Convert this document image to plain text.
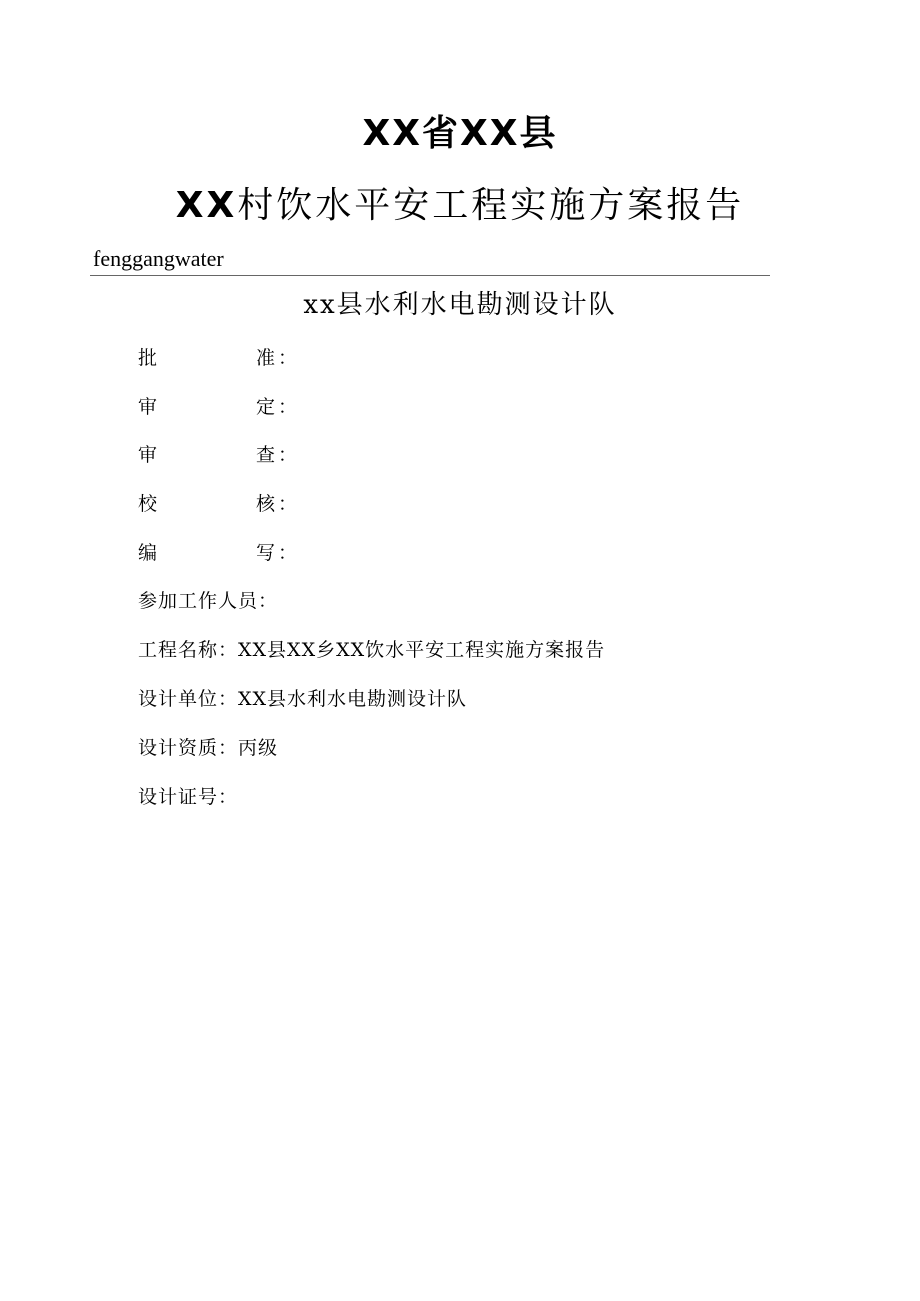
XX省XX县
XX村饮水平安工程实施方案报告
fenggangwater
xx县水利水电勘测设计队
批	准 ：
审	定 ：
审	查 ：
校	核 ：
编	写 ：
参加工作人员：
工程名称：XX县XX乡XX饮水平安工程实施方案报告
设计单位：XX县水利水电勘测设计队
设计资质：丙级
设计证号：
